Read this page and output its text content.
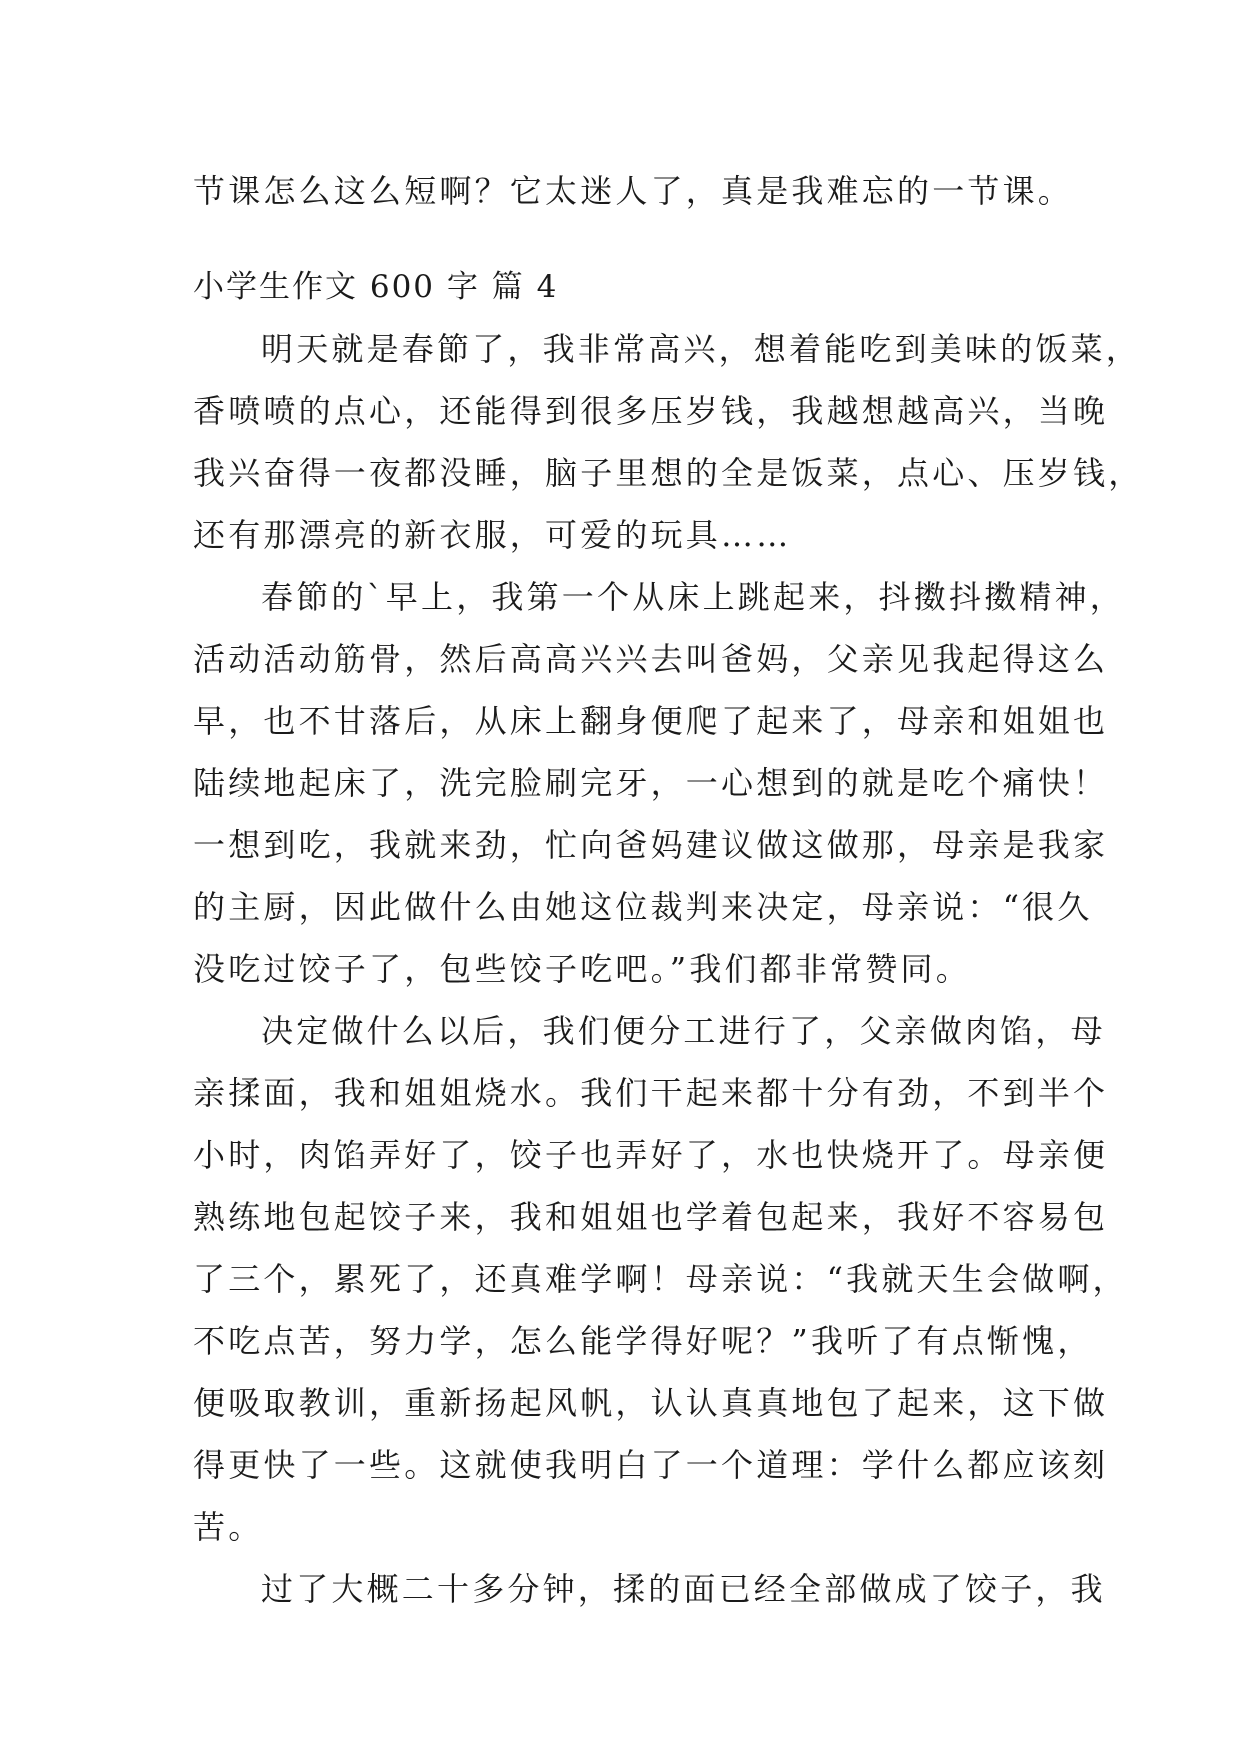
节课怎么这么短啊？它太迷人了，真是我难忘的一节课。
小学生作文 600 字 篇 4
明天就是春節了，我非常高兴，想着能吃到美味的饭菜，
香喷喷的点心，还能得到很多压岁钱，我越想越高兴，当晚
我兴奋得一夜都没睡，脑子里想的全是饭菜，点心、压岁钱，
还有那漂亮的新衣服，可爱的玩具……
春節的`早上，我第一个从床上跳起来，抖擞抖擞精神，
活动活动筋骨，然后高高兴兴去叫爸妈，父亲见我起得这么
早，也不甘落后，从床上翻身便爬了起来了，母亲和姐姐也
陆续地起床了，洗完脸刷完牙，一心想到的就是吃个痛快！
一想到吃，我就来劲，忙向爸妈建议做这做那，母亲是我家
的主厨，因此做什么由她这位裁判来决定，母亲说：“很久
没吃过饺子了，包些饺子吃吧。”我们都非常赞同。
决定做什么以后，我们便分工进行了，父亲做肉馅，母
亲揉面，我和姐姐烧水。我们干起来都十分有劲，不到半个
小时，肉馅弄好了，饺子也弄好了，水也快烧开了。母亲便
熟练地包起饺子来，我和姐姐也学着包起来，我好不容易包
了三个，累死了，还真难学啊！母亲说：“我就天生会做啊，
不吃点苦，努力学，怎么能学得好呢？”我听了有点惭愧，
便吸取教训，重新扬起风帆，认认真真地包了起来，这下做
得更快了一些。这就使我明白了一个道理：学什么都应该刻
苦。
过了大概二十多分钟，揉的面已经全部做成了饺子，我
